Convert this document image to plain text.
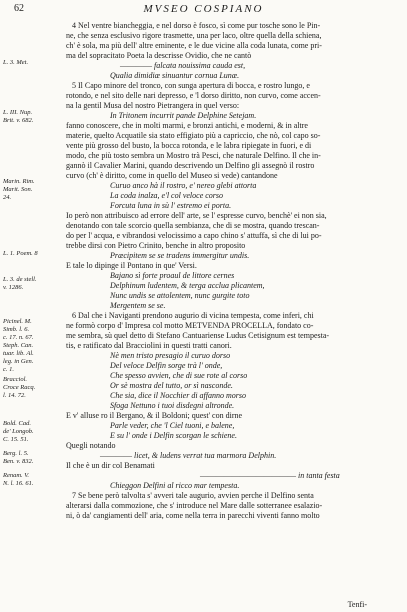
62	MVSEO COSPIANO
4 Nel ventre biancheggia, e nel dorso è fosco, sì come pur tosche sono le Pin-
ne, che senza esclusivo rigore trasmette, una per laco, oltre quella della schiena,
ch' è sola, ma più dell' altre eminente, e le due vicine alla coda lunata, come pri-
ma del sopracitato Poeta la descrisse Ovidio, che ne cantò
―――― falcata nouissima cauda est,
Qualia dimidiæ sinuantur cornua Lunæ.
5 Il Capo minore del tronco, con sunga apertura di bocca, e rostro lungo, e
rotondo, e nel sito delle nari depresso, e 'l dorso diritto, non curvo, come accen-
na la gentil Musa del nostro Pietrangera in quel verso:
In Tritonem incurrit pande Delphine Setejam.
fanno conoscere, che in molti marmi, e bronzi antichi, e moderni, & in altre
materie, quelto Acquatile sia stato effigiato più a capriccio, che nò, col capo so-
vente più grosso del busto, la bocca rotonda, e le labra ripiegate in fuori, e di
modo, che più tosto sembra un Mostro trà Pesci, che naturale Delfino. Il che in-
gannò il Cavalier Marini, quando descrivendo un Delfino gli assegnò il rostro
curvo (ch' è diritto, come in quello del Museo si vede) cantandone
Curuo anco hà il rostro, e' nereo glebi attorta
La coda inalza, e'l col veloce corso
Forcuta luna in sù l' estremo ei porta.
Io però non attribuisco ad errore dell' arte, se l' espresse curvo, benchè' ei non sia,
denotando con tale scorcio quella sembianza, che di se mostra, quando trescan-
do per l' acqua, e vibrandosi velocissimo a capo chino s' attuffa, sì che di lui po-
trebbe dirsi con Pietro Crinito, benche in altro proposito
Præcipitem se se tradens immergitur undis.
E tale lo dipinge il Pontano in que' Versi.
Bajano sì forte proaul de littore cernes
Delphinum ludentem, & terga acclua plicantem,
Nunc undis se attolentem, nunc gurgite toto
Mergentem se se.
6 Dal che i Naviganti prendono augurio di vicina tempesta, come inferi, chi
ne formò corpo d' Impresa col motto METVENDA PROCELLA, fondato co-
me sembra, sù quel detto di Stefano Cantuariense Ludus Cetisignum est tempesta-
tis, e ratificato dal Bracciolini in questi tratti canori.
Nè men tristo presagio il curuo dorso
Del veloce Delfin sorge trà l' onde,
Che spesso avvien, che di sue rote al corso
Or sè mostra del tutto, or sì nasconde.
Che sia, dice il Nocchier di affanno morso
Sfoga Nettuno i tuoi disdegni altronde.
E v' alluse ro il Bergano, & il Boldoni; quest' con dirne
Parle veder, che 'l Ciel tuoni, e balene,
E su l' onde i Delfin scorgan le schiene.
Quegli notando
―――― licet, & ludens verrat tua marmora Delphin.
Il che è un dir col Benamati
―――――――――――― in tanta festa
Chieggon Delfini al ricco mar tempesta.
7 Se bene però talvolta s' avveri tale augurio, avvien perche il Delfino senta
alterarsi dalla commozione, che s' introduce nel Mare dalle sotterranee esalazio-
ni, ò da' cangiamenti dell' aria, come nella terra in parecchi viventi fanno molto
L. 3. Met.
L. III. Nup.
Brit. v. 682.
Marin. Rim.
Marit. Son.
24.
L. 1. Poem. 8
L. 3. de stell.
v. 1286.
Picinel. M.
Simb. l. 6.
c. 17. n. 67.
Steph. Can.
tuar. lib. Al.
leg. in Gen.
c. 1.
Bracciol.
Croce Racq.
l. 14. 72.
Bold. Cad.
de' Longob.
C. 15. 51.
Berg. l. 5.
Ben. v. 832.
Renam. V.
N. l. 16. 61.
Tenfi-
